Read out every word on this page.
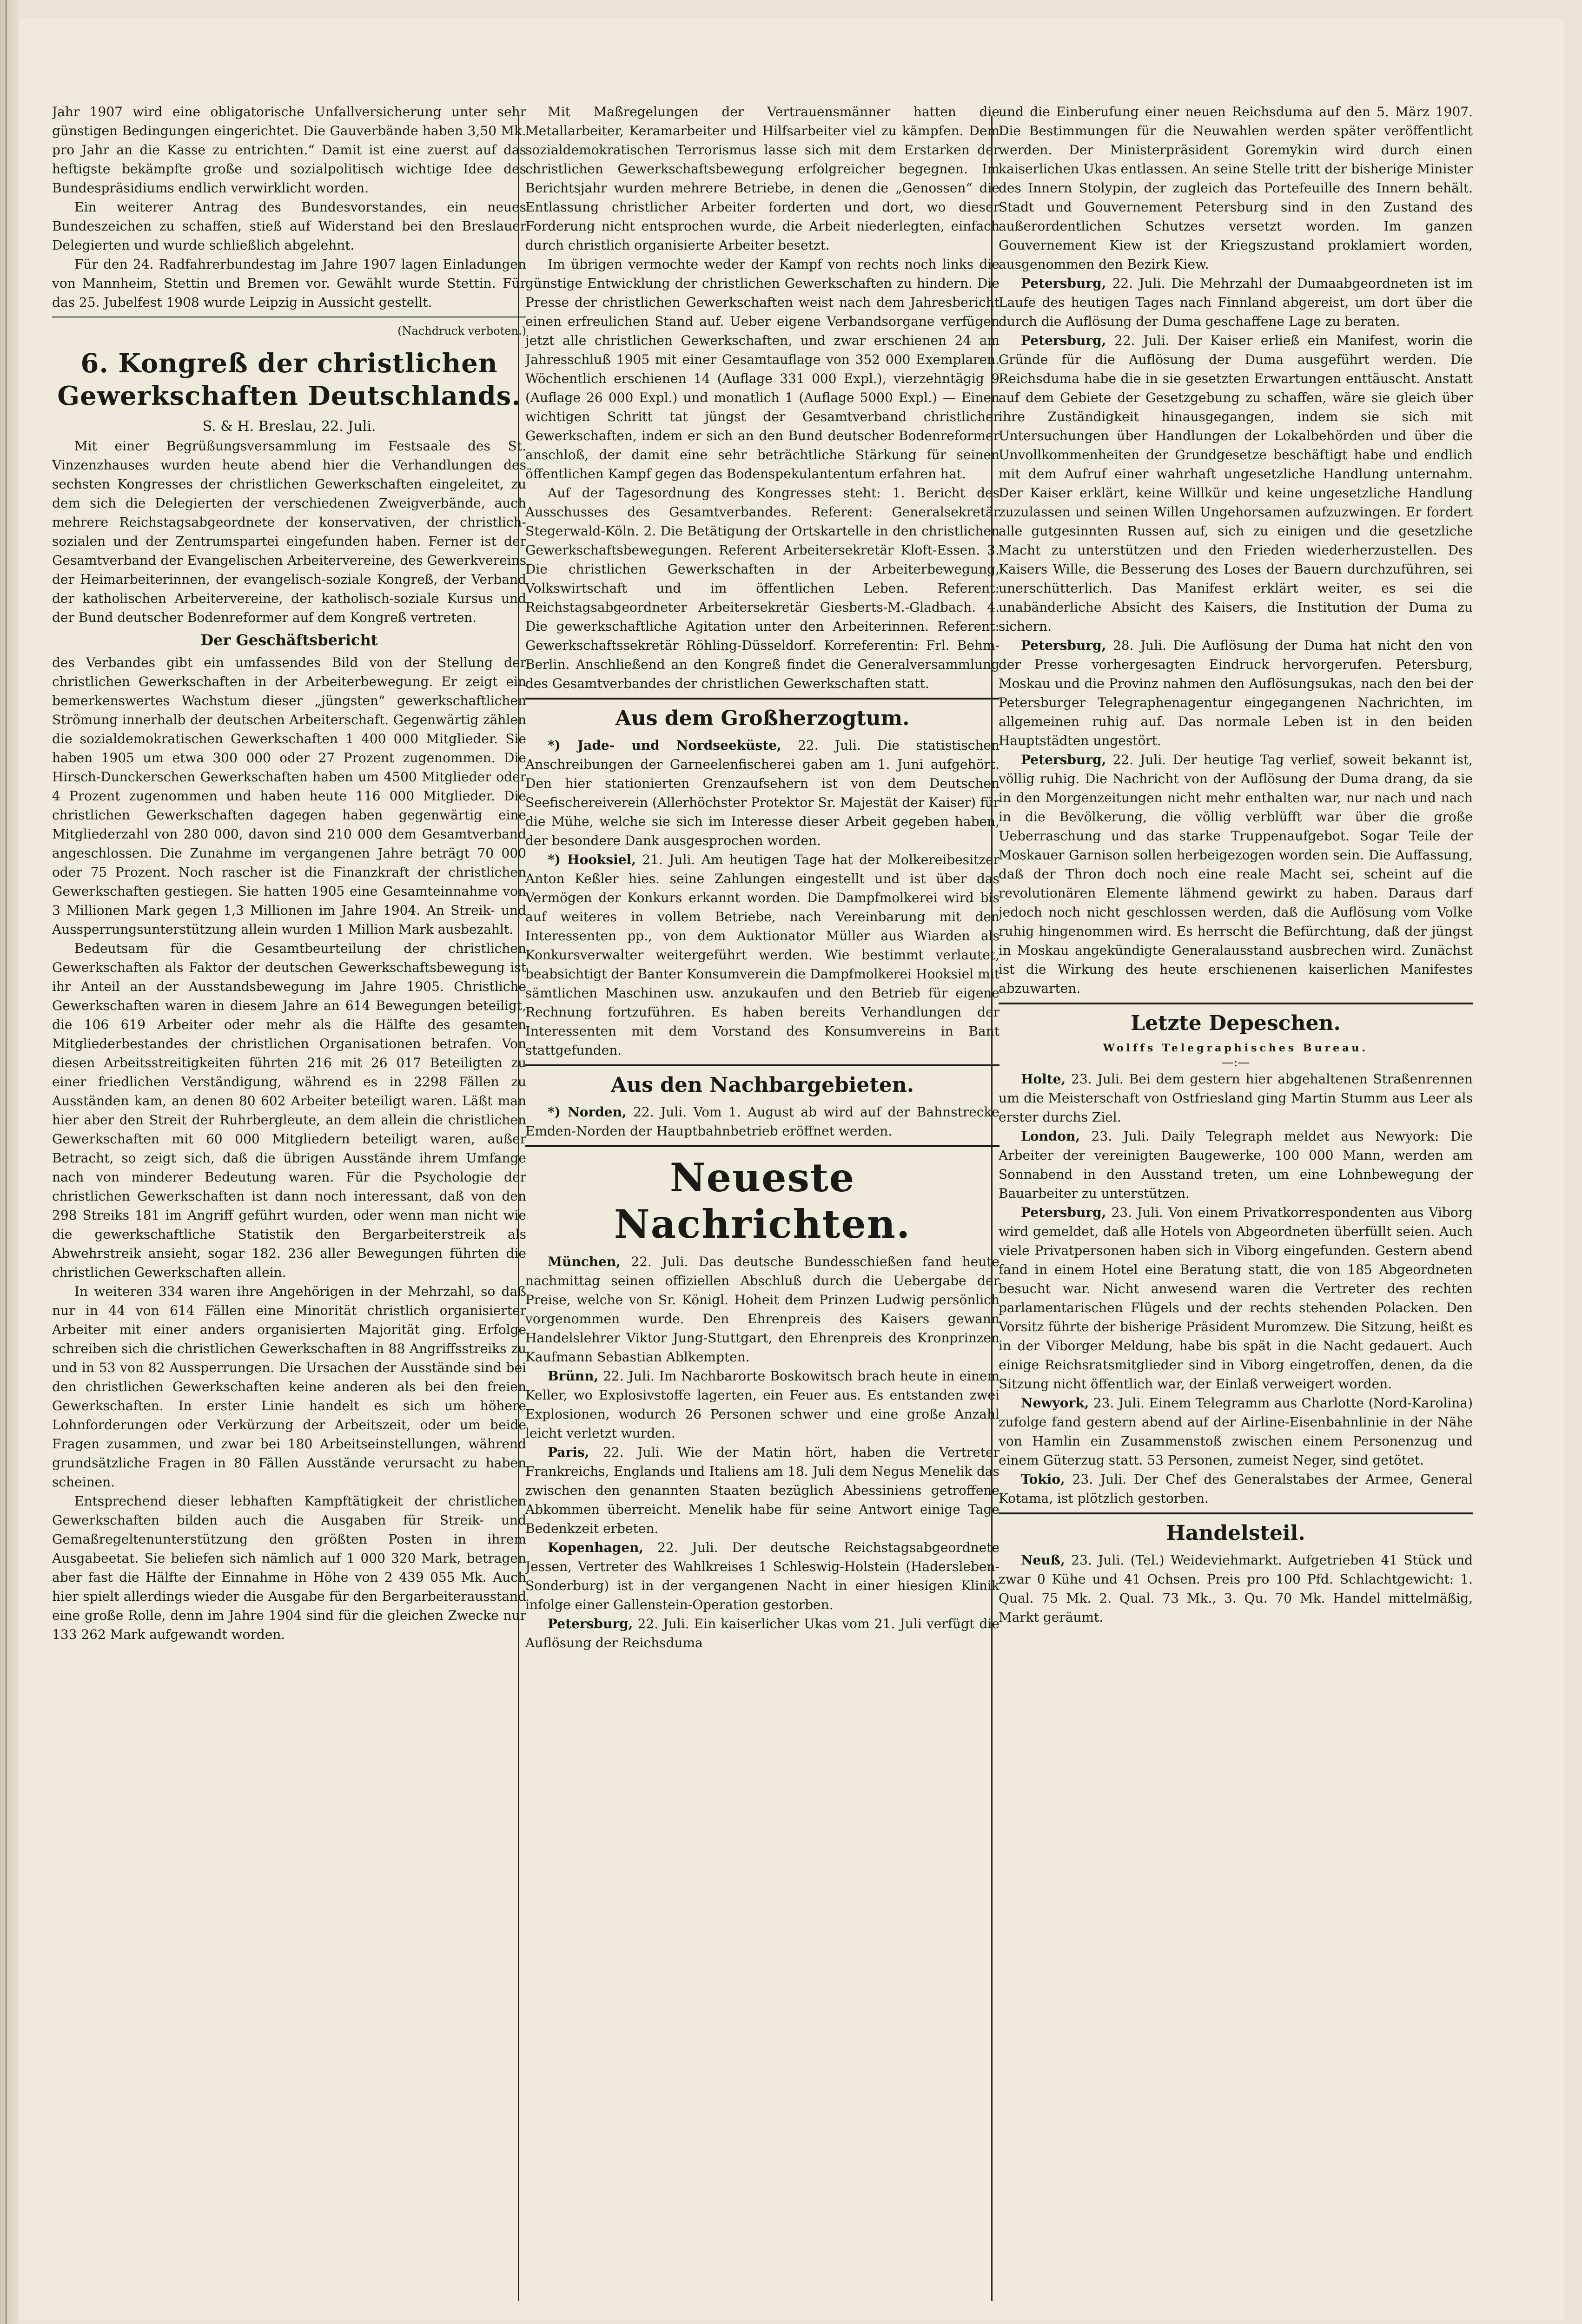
Jahr 1907 wird eine obligatorische Unfallversicherung unter sehr günstigen Bedingungen eingerichtet. Die Gauverbände haben 3,50 Mk. pro Jahr an die Kasse zu entrichten.“ Damit ist eine zuerst auf das heftigste bekämpfte große und sozialpolitisch wichtige Idee des Bundespräsidiums endlich verwirklicht worden.

Ein weiterer Antrag des Bundesvorstandes, ein neues Bundeszeichen zu schaffen, stieß auf Widerstand bei den Breslauer Delegierten und wurde schließlich abgelehnt.

Für den 24. Radfahrerbundestag im Jahre 1907 lagen Einladungen von Mannheim, Stettin und Bremen vor. Gewählt wurde Stettin. Für das 25. Jubelfest 1908 wurde Leipzig in Aussicht gestellt.

(Nachdruck verboten.)
6. Kongreß der christlichen Gewerkschaften Deutschlands.
S. & H. Breslau, 22. Juli.

Mit einer Begrüßungsversammlung im Festsaale des St. Vinzenzhauses wurden heute abend hier die Verhandlungen des sechsten Kongresses der christlichen Gewerkschaften eingeleitet, zu dem sich die Delegierten der verschiedenen Zweigverbände, auch mehrere Reichstagsabgeordnete der konservativen, der christlich-sozialen und der Zentrumspartei eingefunden haben. Ferner ist der Gesamtverband der Evangelischen Arbeitervereine, des Gewerkvereins der Heimarbeiterinnen, der evangelisch-soziale Kongreß, der Verband der katholischen Arbeitervereine, der katholisch-soziale Kursus und der Bund deutscher Bodenreformer auf dem Kongreß vertreten.

Der Geschäftsbericht

des Verbandes gibt ein umfassendes Bild von der Stellung der christlichen Gewerkschaften in der Arbeiterbewegung. Er zeigt ein bemerkenswertes Wachstum dieser „jüngsten“ gewerkschaftlichen Strömung innerhalb der deutschen Arbeiterschaft. Gegenwärtig zählen die sozialdemokratischen Gewerkschaften 1 400 000 Mitglieder. Sie haben 1905 um etwa 300 000 oder 27 Prozent zugenommen. Die Hirsch-Dunckerschen Gewerkschaften haben um 4500 Mitglieder oder 4 Prozent zugenommen und haben heute 116 000 Mitglieder. Die christlichen Gewerkschaften dagegen haben gegenwärtig eine Mitgliederzahl von 280 000, davon sind 210 000 dem Gesamtverband angeschlossen. Die Zunahme im vergangenen Jahre beträgt 70 000 oder 75 Prozent. Noch rascher ist die Finanzkraft der christlichen Gewerkschaften gestiegen. Sie hatten 1905 eine Gesamteinnahme von 3 Millionen Mark gegen 1,3 Millionen im Jahre 1904. An Streik- und Aussperrungsunterstützung allein wurden 1 Million Mark ausbezahlt.

Bedeutsam für die Gesamtbeurteilung der christlichen Gewerkschaften als Faktor der deutschen Gewerkschaftsbewegung ist ihr Anteil an der Ausstandsbewegung im Jahre 1905. Christliche Gewerkschaften waren in diesem Jahre an 614 Bewegungen beteiligt, die 106 619 Arbeiter oder mehr als die Hälfte des gesamten Mitgliederbestandes der christlichen Organisationen betrafen. Von diesen Arbeitsstreitigkeiten führten 216 mit 26 017 Beteiligten zu einer friedlichen Verständigung, während es in 2298 Fällen zu Ausständen kam, an denen 80 602 Arbeiter beteiligt waren. Läßt man hier aber den Streit der Ruhrbergleute, an dem allein die christlichen Gewerkschaften mit 60 000 Mitgliedern beteiligt waren, außer Betracht, so zeigt sich, daß die übrigen Ausstände ihrem Umfange nach von minderer Bedeutung waren. Für die Psychologie der christlichen Gewerkschaften ist dann noch interessant, daß von den 298 Streiks 181 im Angriff geführt wurden, oder wenn man nicht wie die gewerkschaftliche Statistik den Bergarbeiterstreik als Abwehrstreik ansieht, sogar 182. 236 aller Bewegungen führten die christlichen Gewerkschaften allein.

In weiteren 334 waren ihre Angehörigen in der Mehrzahl, so daß nur in 44 von 614 Fällen eine Minorität christlich organisierter Arbeiter mit einer anders organisierten Majorität ging. Erfolge schreiben sich die christlichen Gewerkschaften in 88 Angriffsstreiks zu und in 53 von 82 Aussperrungen. Die Ursachen der Ausstände sind bei den christlichen Gewerkschaften keine anderen als bei den freien Gewerkschaften. In erster Linie handelt es sich um höhere Lohnforderungen oder Verkürzung der Arbeitszeit, oder um beide Fragen zusammen, und zwar bei 180 Arbeitseinstellungen, während grundsätzliche Fragen in 80 Fällen Ausstände verursacht zu haben scheinen.

Entsprechend dieser lebhaften Kampftätigkeit der christlichen Gewerkschaften bilden auch die Ausgaben für Streik- und Gemaßregeltenunterstützung den größten Posten in ihrem Ausgabeetat. Sie beliefen sich nämlich auf 1 000 320 Mark, betragen aber fast die Hälfte der Einnahme in Höhe von 2 439 055 Mk. Auch hier spielt allerdings wieder die Ausgabe für den Bergarbeiterausstand eine große Rolle, denn im Jahre 1904 sind für die gleichen Zwecke nur 133 262 Mark aufgewandt worden.

Mit Maßregelungen der Vertrauensmänner hatten die Metallarbeiter, Keramarbeiter und Hilfsarbeiter viel zu kämpfen. Dem sozialdemokratischen Terrorismus lasse sich mit dem Erstarken der christlichen Gewerkschaftsbewegung erfolgreicher begegnen. Im Berichtsjahr wurden mehrere Betriebe, in denen die „Genossen“ die Entlassung christlicher Arbeiter forderten und dort, wo dieser Forderung nicht entsprochen wurde, die Arbeit niederlegten, einfach durch christlich organisierte Arbeiter besetzt.

Im übrigen vermochte weder der Kampf von rechts noch links die günstige Entwicklung der christlichen Gewerkschaften zu hindern. Die Presse der christlichen Gewerkschaften weist nach dem Jahresbericht einen erfreulichen Stand auf. Ueber eigene Verbandsorgane verfügen jetzt alle christlichen Gewerkschaften, und zwar erschienen 24 am Jahresschluß 1905 mit einer Gesamtauflage von 352 000 Exemplaren. Wöchentlich erschienen 14 (Auflage 331 000 Expl.), vierzehntägig 9 (Auflage 26 000 Expl.) und monatlich 1 (Auflage 5000 Expl.) — Einen wichtigen Schritt tat jüngst der Gesamtverband christlicher Gewerkschaften, indem er sich an den Bund deutscher Bodenreformer anschloß, der damit eine sehr beträchtliche Stärkung für seinen öffentlichen Kampf gegen das Bodenspekulantentum erfahren hat.

Auf der Tagesordnung des Kongresses steht: 1. Bericht des Ausschusses des Gesamtverbandes. Referent: Generalsekretär Stegerwald-Köln. 2. Die Betätigung der Ortskartelle in den christlichen Gewerkschaftsbewegungen. Referent Arbeitersekretär Kloft-Essen. 3. Die christlichen Gewerkschaften in der Arbeiterbewegung, Volkswirtschaft und im öffentlichen Leben. Referent: Reichstagsabgeordneter Arbeitersekretär Giesberts-M.-Gladbach. 4. Die gewerkschaftliche Agitation unter den Arbeiterinnen. Referent: Gewerkschaftssekretär Röhling-Düsseldorf. Korreferentin: Frl. Behm-Berlin. Anschließend an den Kongreß findet die Generalversammlung des Gesamtverbandes der christlichen Gewerkschaften statt.

Aus dem Großherzogtum.

*) Jade- und Nordseeküste, 22. Juli. Die statistischen Anschreibungen der Garneelenfischerei gaben am 1. Juni aufgehört. Den hier stationierten Grenzaufsehern ist von dem Deutschen Seefischereiverein (Allerhöchster Protektor Sr. Majestät der Kaiser) für die Mühe, welche sie sich im Interesse dieser Arbeit gegeben haben, der besondere Dank ausgesprochen worden.

*) Hooksiel, 21. Juli. Am heutigen Tage hat der Molkereibesitzer Anton Keßler hies. seine Zahlungen eingestellt und ist über das Vermögen der Konkurs erkannt worden. Die Dampfmolkerei wird bis auf weiteres in vollem Betriebe, nach Vereinbarung mit den Interessenten pp., von dem Auktionator Müller aus Wiarden als Konkursverwalter weitergeführt werden. Wie bestimmt verlautet, beabsichtigt der Banter Konsumverein die Dampfmolkerei Hooksiel mit sämtlichen Maschinen usw. anzukaufen und den Betrieb für eigene Rechnung fortzuführen. Es haben bereits Verhandlungen der Interessenten mit dem Vorstand des Konsumvereins in Bant stattgefunden.

Aus den Nachbargebieten.

*) Norden, 22. Juli. Vom 1. August ab wird auf der Bahnstrecke Emden-Norden der Hauptbahnbetrieb eröffnet werden.

Neueste Nachrichten.

München, 22. Juli. Das deutsche Bundesschießen fand heute nachmittag seinen offiziellen Abschluß durch die Uebergabe der Preise, welche von Sr. Königl. Hoheit dem Prinzen Ludwig persönlich vorgenommen wurde. Den Ehrenpreis des Kaisers gewann Handelslehrer Viktor Jung-Stuttgart, den Ehrenpreis des Kronprinzen Kaufmann Sebastian Ablkempten.

Brünn, 22. Juli. Im Nachbarorte Boskowitsch brach heute in einem Keller, wo Explosivstoffe lagerten, ein Feuer aus. Es entstanden zwei Explosionen, wodurch 26 Personen schwer und eine große Anzahl leicht verletzt wurden.

Paris, 22. Juli. Wie der Matin hört, haben die Vertreter Frankreichs, Englands und Italiens am 18. Juli dem Negus Menelik das zwischen den genannten Staaten bezüglich Abessiniens getroffene Abkommen überreicht. Menelik habe für seine Antwort einige Tage Bedenkzeit erbeten.

Kopenhagen, 22. Juli. Der deutsche Reichstagsabgeordnete Jessen, Vertreter des Wahlkreises 1 Schleswig-Holstein (Hadersleben-Sonderburg) ist in der vergangenen Nacht in einer hiesigen Klinik infolge einer Gallenstein-Operation gestorben.

Petersburg, 22. Juli. Ein kaiserlicher Ukas vom 21. Juli verfügt die Auflösung der Reichsduma

und die Einberufung einer neuen Reichsduma auf den 5. März 1907. Die Bestimmungen für die Neuwahlen werden später veröffentlicht werden. Der Ministerpräsident Goremykin wird durch einen kaiserlichen Ukas entlassen. An seine Stelle tritt der bisherige Minister des Innern Stolypin, der zugleich das Portefeuille des Innern behält. Stadt und Gouvernement Petersburg sind in den Zustand des außerordentlichen Schutzes versetzt worden. Im ganzen Gouvernement Kiew ist der Kriegszustand proklamiert worden, ausgenommen den Bezirk Kiew.

Petersburg, 22. Juli. Die Mehrzahl der Dumaabgeordneten ist im Laufe des heutigen Tages nach Finnland abgereist, um dort über die durch die Auflösung der Duma geschaffene Lage zu beraten.

Petersburg, 22. Juli. Der Kaiser erließ ein Manifest, worin die Gründe für die Auflösung der Duma ausgeführt werden. Die Reichsduma habe die in sie gesetzten Erwartungen enttäuscht. Anstatt auf dem Gebiete der Gesetzgebung zu schaffen, wäre sie gleich über ihre Zuständigkeit hinausgegangen, indem sie sich mit Untersuchungen über Handlungen der Lokalbehörden und über die Unvollkommenheiten der Grundgesetze beschäftigt habe und endlich mit dem Aufruf einer wahrhaft ungesetzliche Handlung unternahm. Der Kaiser erklärt, keine Willkür und keine ungesetzliche Handlung zuzulassen und seinen Willen Ungehorsamen aufzuzwingen. Er fordert alle gutgesinnten Russen auf, sich zu einigen und die gesetzliche Macht zu unterstützen und den Frieden wiederherzustellen. Des Kaisers Wille, die Besserung des Loses der Bauern durchzuführen, sei unerschütterlich. Das Manifest erklärt weiter, es sei die unabänderliche Absicht des Kaisers, die Institution der Duma zu sichern.

Petersburg, 28. Juli. Die Auflösung der Duma hat nicht den von der Presse vorhergesagten Eindruck hervorgerufen. Petersburg, Moskau und die Provinz nahmen den Auflösungsukas, nach den bei der Petersburger Telegraphenagentur eingegangenen Nachrichten, im allgemeinen ruhig auf. Das normale Leben ist in den beiden Hauptstädten ungestört.

Petersburg, 22. Juli. Der heutige Tag verlief, soweit bekannt ist, völlig ruhig. Die Nachricht von der Auflösung der Duma drang, da sie in den Morgenzeitungen nicht mehr enthalten war, nur nach und nach in die Bevölkerung, die völlig verblüfft war über die große Ueberraschung und das starke Truppenaufgebot. Sogar Teile der Moskauer Garnison sollen herbeigezogen worden sein. Die Auffassung, daß der Thron doch noch eine reale Macht sei, scheint auf die revolutionären Elemente lähmend gewirkt zu haben. Daraus darf jedoch noch nicht geschlossen werden, daß die Auflösung vom Volke ruhig hingenommen wird. Es herrscht die Befürchtung, daß der jüngst in Moskau angekündigte Generalausstand ausbrechen wird. Zunächst ist die Wirkung des heute erschienenen kaiserlichen Manifestes abzuwarten.

Letzte Depeschen.
Wolffs Telegraphisches Bureau.
—:—

Holte, 23. Juli. Bei dem gestern hier abgehaltenen Straßenrennen um die Meisterschaft von Ostfriesland ging Martin Stumm aus Leer als erster durchs Ziel.

London, 23. Juli. Daily Telegraph meldet aus Newyork: Die Arbeiter der vereinigten Baugewerke, 100 000 Mann, werden am Sonnabend in den Ausstand treten, um eine Lohnbewegung der Bauarbeiter zu unterstützen.

Petersburg, 23. Juli. Von einem Privatkorrespondenten aus Viborg wird gemeldet, daß alle Hotels von Abgeordneten überfüllt seien. Auch viele Privatpersonen haben sich in Viborg eingefunden. Gestern abend fand in einem Hotel eine Beratung statt, die von 185 Abgeordneten besucht war. Nicht anwesend waren die Vertreter des rechten parlamentarischen Flügels und der rechts stehenden Polacken. Den Vorsitz führte der bisherige Präsident Muromzew. Die Sitzung, heißt es in der Viborger Meldung, habe bis spät in die Nacht gedauert. Auch einige Reichsratsmitglieder sind in Viborg eingetroffen, denen, da die Sitzung nicht öffentlich war, der Einlaß verweigert worden.

Newyork, 23. Juli. Einem Telegramm aus Charlotte (Nord-Karolina) zufolge fand gestern abend auf der Airline-Eisenbahnlinie in der Nähe von Hamlin ein Zusammenstoß zwischen einem Personenzug und einem Güterzug statt. 53 Personen, zumeist Neger, sind getötet.

Tokio, 23. Juli. Der Chef des Generalstabes der Armee, General Kotama, ist plötzlich gestorben.

Handelsteil.

Neuß, 23. Juli. (Tel.) Weideviehmarkt. Aufgetrieben 41 Stück und zwar 0 Kühe und 41 Ochsen. Preis pro 100 Pfd. Schlachtgewicht: 1. Qual. 75 Mk. 2. Qual. 73 Mk., 3. Qu. 70 Mk. Handel mittelmäßig, Markt geräumt.
